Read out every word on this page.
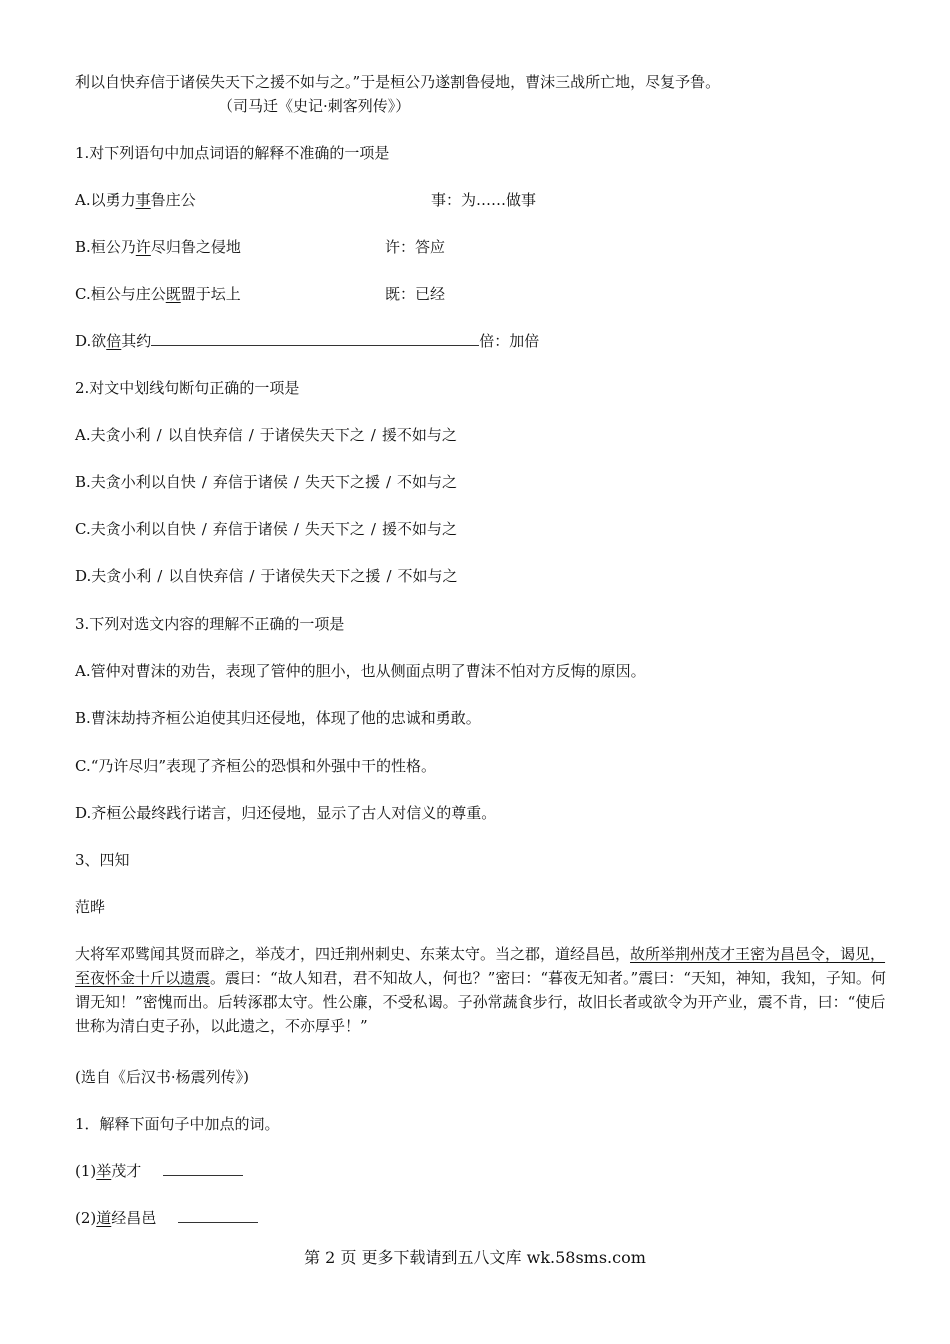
利以自快弃信于诸侯失天下之援不如与之。”于是桓公乃遂割鲁侵地，曹沫三战所亡地，尽复予鲁。
（司马迁《史记·刺客列传》）
1.对下列语句中加点词语的解释不准确的一项是
A.以勇力事鲁庄公	事：为……做事
B.桓公乃许尽归鲁之侵地	许：答应
C.桓公与庄公既盟于坛上	既：已经
D.欲倍其约	倍：加倍
2.对文中划线句断句正确的一项是
A.夫贪小利 / 以自快弃信 / 于诸侯失天下之 / 援不如与之
B.夫贪小利以自快 / 弃信于诸侯 / 失天下之援 / 不如与之
C.夫贪小利以自快 / 弃信于诸侯 / 失天下之 / 援不如与之
D.夫贪小利 / 以自快弃信 / 于诸侯失天下之援 / 不如与之
3.下列对选文内容的理解不正确的一项是
A.管仲对曹沫的劝告，表现了管仲的胆小，也从侧面点明了曹沫不怕对方反悔的原因。
B.曹沫劫持齐桓公迫使其归还侵地，体现了他的忠诚和勇敢。
C.“乃许尽归”表现了齐桓公的恐惧和外强中干的性格。
D.齐桓公最终践行诺言，归还侵地，显示了古人对信义的尊重。
3、四知
范晔
大将军邓骘闻其贤而辟之，举茂才，四迁荆州刺史、东莱太守。当之郡，道经昌邑，故所举荆州茂才王密为昌邑令，谒见，至夜怀金十斤以遗震。震曰：“故人知君，君不知故人，何也？”密曰：“暮夜无知者。”震曰：“天知，神知，我知，子知。何谓无知！”密愧而出。后转涿郡太守。性公廉，不受私谒。子孙常蔬食步行，故旧长者或欲令为开产业，震不肯，曰：“使后世称为清白吏子孙，以此遗之，不亦厚乎！”
(选自《后汉书·杨震列传》)
1．解释下面句子中加点的词。
(1)举茂才
(2)道经昌邑
第 2 页 更多下载请到五八文库 wk.58sms.com
